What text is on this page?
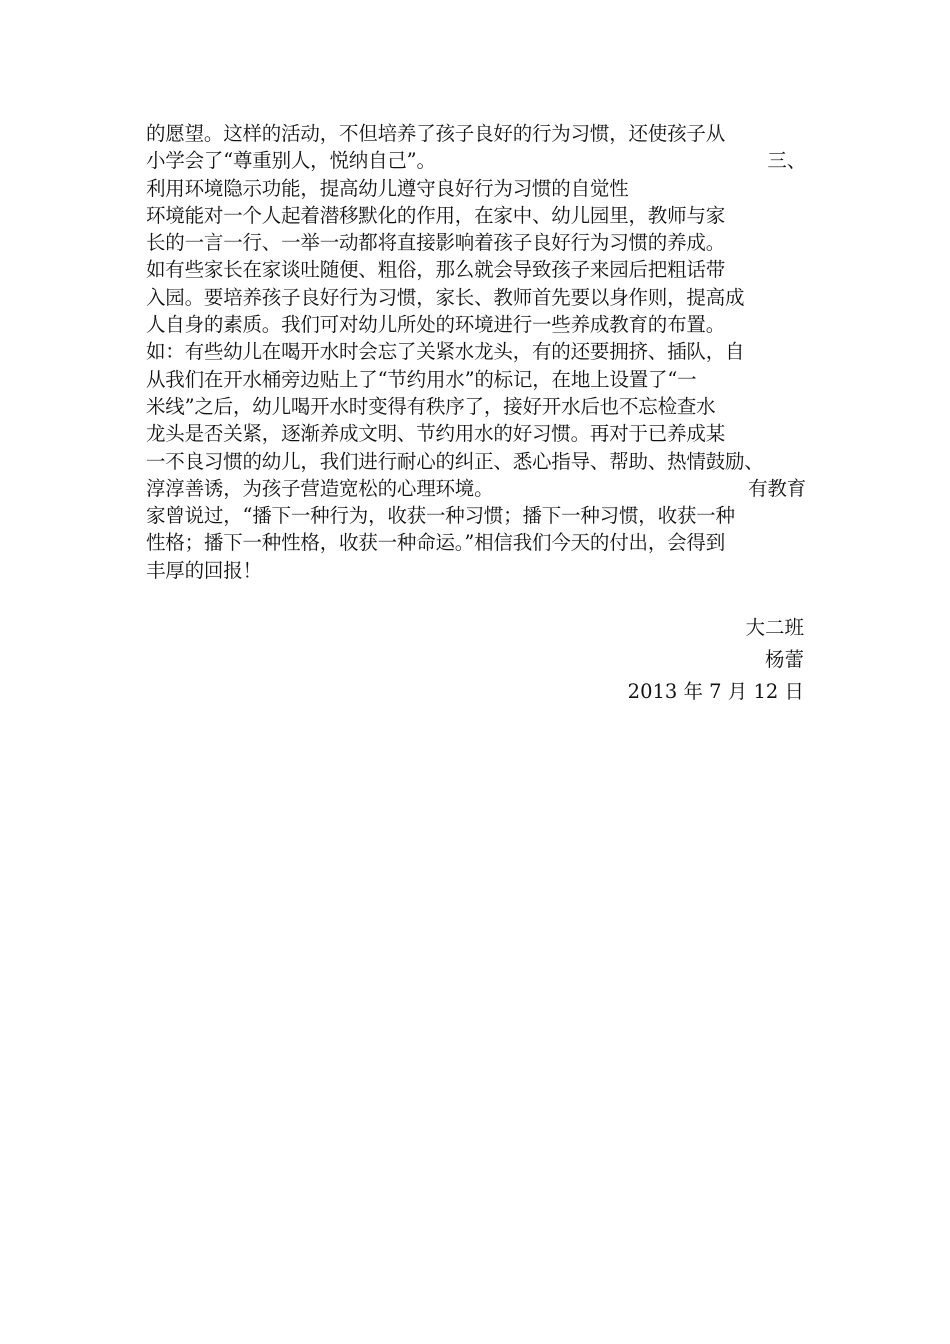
的愿望。这样的活动，不但培养了孩子良好的行为习惯，还使孩子从
小学会了“尊重别人，悦纳自己”。	三、
利用环境隐示功能，提高幼儿遵守良好行为习惯的自觉性
环境能对一个人起着潜移默化的作用，在家中、幼儿园里，教师与家
长的一言一行、一举一动都将直接影响着孩子良好行为习惯的养成。
如有些家长在家谈吐随便、粗俗，那么就会导致孩子来园后把粗话带
入园。要培养孩子良好行为习惯，家长、教师首先要以身作则，提高成
人自身的素质。我们可对幼儿所处的环境进行一些养成教育的布置。
如：有些幼儿在喝开水时会忘了关紧水龙头，有的还要拥挤、插队，自
从我们在开水桶旁边贴上了“节约用水”的标记，在地上设置了“一
米线”之后，幼儿喝开水时变得有秩序了，接好开水后也不忘检查水
龙头是否关紧，逐渐养成文明、节约用水的好习惯。再对于已养成某
一不良习惯的幼儿，我们进行耐心的纠正、悉心指导、帮助、热情鼓励、
淳淳善诱，为孩子营造宽松的心理环境。	有教育
家曾说过，“播下一种行为，收获一种习惯；播下一种习惯，收获一种
性格；播下一种性格，收获一种命运。”相信我们今天的付出，会得到
丰厚的回报！
大二班
杨蕾
2013 年 7 月 12 日
